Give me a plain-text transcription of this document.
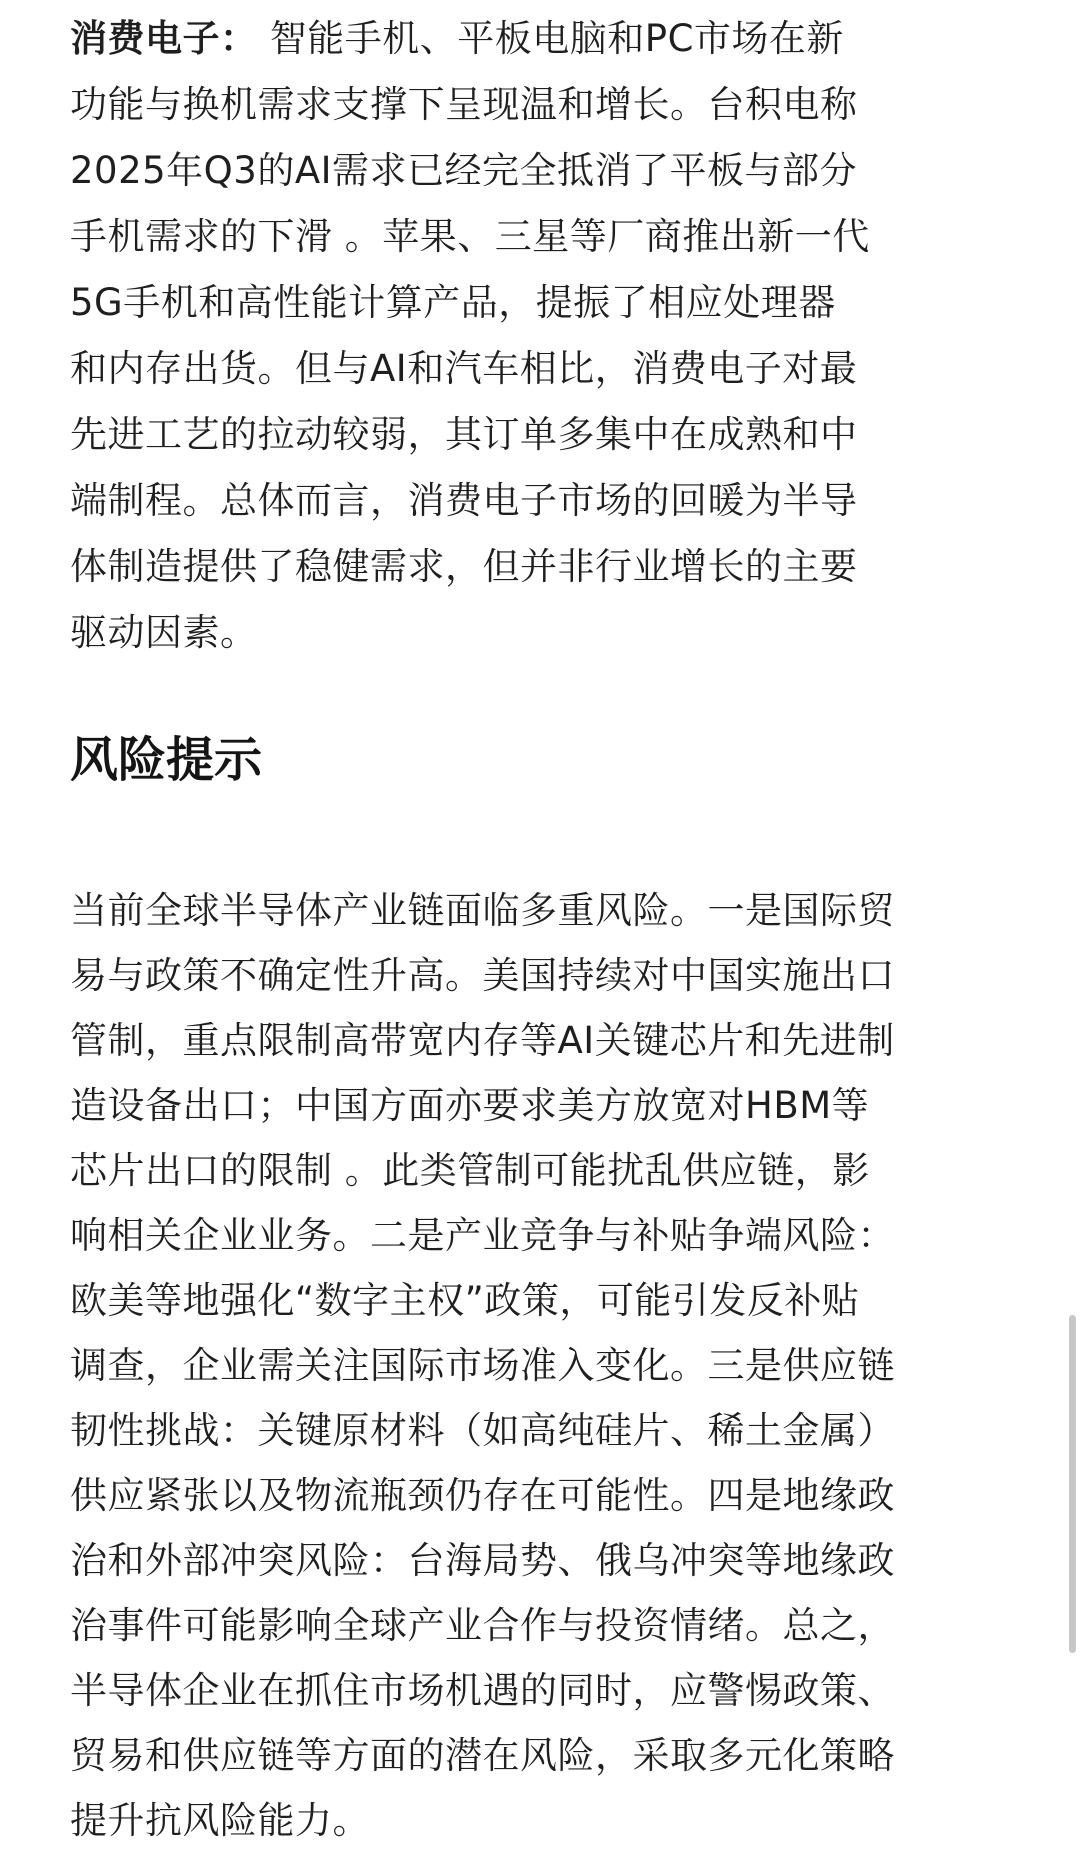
消费电子： 智能手机、平板电脑和PC市场在新
功能与换机需求支撑下呈现温和增长。台积电称
2025年Q3的AI需求已经完全抵消了平板与部分
手机需求的下滑 。苹果、三星等厂商推出新一代
5G手机和高性能计算产品，提振了相应处理器
和内存出货。但与AI和汽车相比，消费电子对最
先进工艺的拉动较弱，其订单多集中在成熟和中
端制程。总体而言，消费电子市场的回暖为半导
体制造提供了稳健需求，但并非行业增长的主要
驱动因素。
风险提示
当前全球半导体产业链面临多重风险。一是国际贸
易与政策不确定性升高。美国持续对中国实施出口
管制，重点限制高带宽内存等AI关键芯片和先进制
造设备出口；中国方面亦要求美方放宽对HBM等
芯片出口的限制 。此类管制可能扰乱供应链，影
响相关企业业务。二是产业竞争与补贴争端风险：
欧美等地强化“数字主权”政策，可能引发反补贴
调查，企业需关注国际市场准入变化。三是供应链
韧性挑战：关键原材料（如高纯硅片、稀土金属）
供应紧张以及物流瓶颈仍存在可能性。四是地缘政
治和外部冲突风险：台海局势、俄乌冲突等地缘政
治事件可能影响全球产业合作与投资情绪。总之，
半导体企业在抓住市场机遇的同时，应警惕政策、
贸易和供应链等方面的潜在风险，采取多元化策略
提升抗风险能力。
